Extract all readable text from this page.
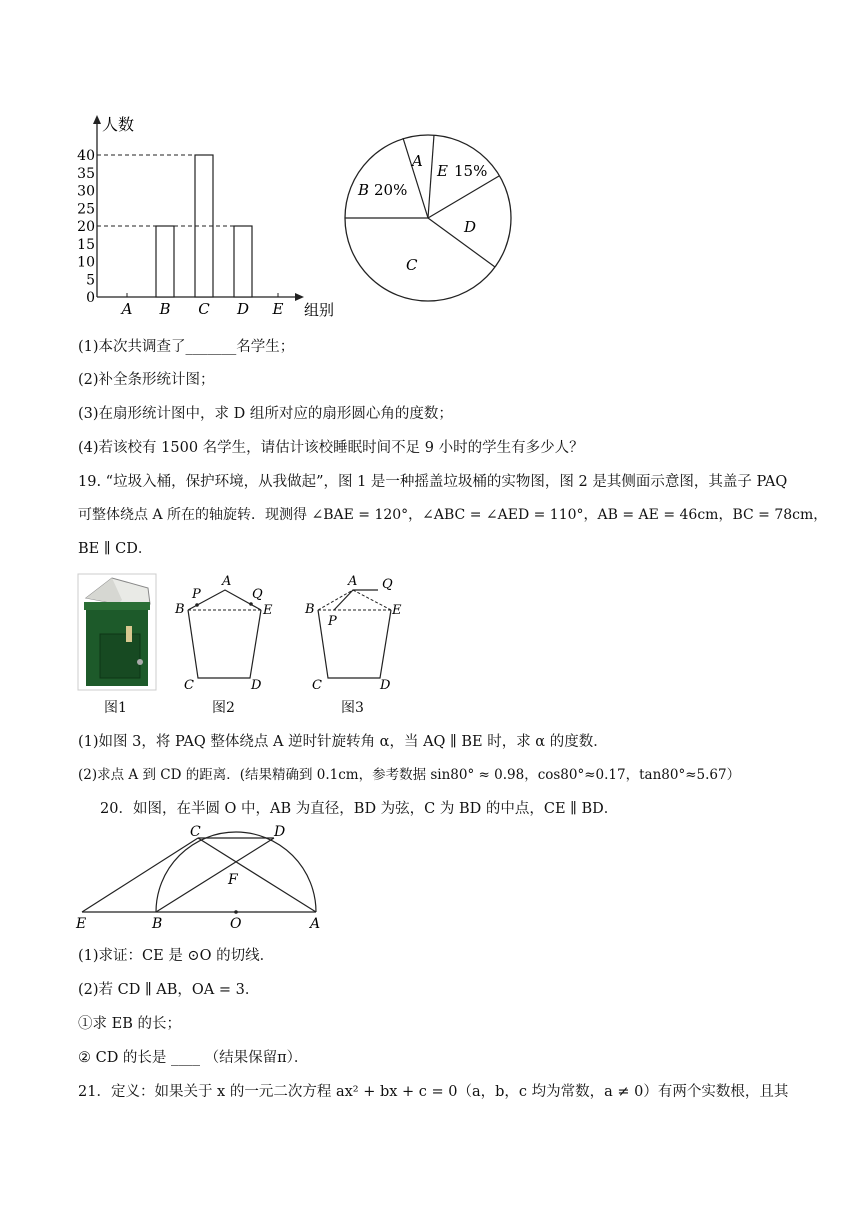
人数
组别
0
5
10
15
20
25
30
35
40
A B C D E
A
E 15%
D
C
B 20%
(1)本次共调查了_______名学生；
(2)补全条形统计图；
(3)在扇形统计图中，求 D 组所对应的扇形圆心角的度数；
(4)若该校有 1500 名学生，请估计该校睡眠时间不足 9 小时的学生有多少人？
19. “垃圾入桶，保护环境，从我做起”，图 1 是一种摇盖垃圾桶的实物图，图 2 是其侧面示意图，其盖子 PAQ
可整体绕点 A 所在的轴旋转．现测得 ∠BAE = 120°，∠ABC = ∠AED = 110°，AB = AE = 46cm，BC = 78cm，
BE ∥ CD．
图1
A
B
P	Q
E
C	D
图2
A Q
B
P
E
C	D
图3
(1)如图 3，将 PAQ 整体绕点 A 逆时针旋转角 α，当 AQ ∥ BE 时，求 α 的度数．
(2)求点 A 到 CD 的距离．(结果精确到 0.1cm，参考数据 sin80° ≈ 0.98，cos80°≈0.17，tan80°≈5.67）
20．如图，在半圆 O 中，AB 为直径，BD 为弦，C 为 BD 的中点，CE ∥ BD．
C	D
F
E	B	O	A
(1)求证：CE 是 ⊙O 的切线．
(2)若 CD ∥ AB，OA = 3．
①求 EB 的长；
② CD 的长是 ____ （结果保留π）．
21．定义：如果关于 x 的一元二次方程 ax² + bx + c = 0（a，b，c 均为常数，a ≠ 0）有两个实数根，且其
